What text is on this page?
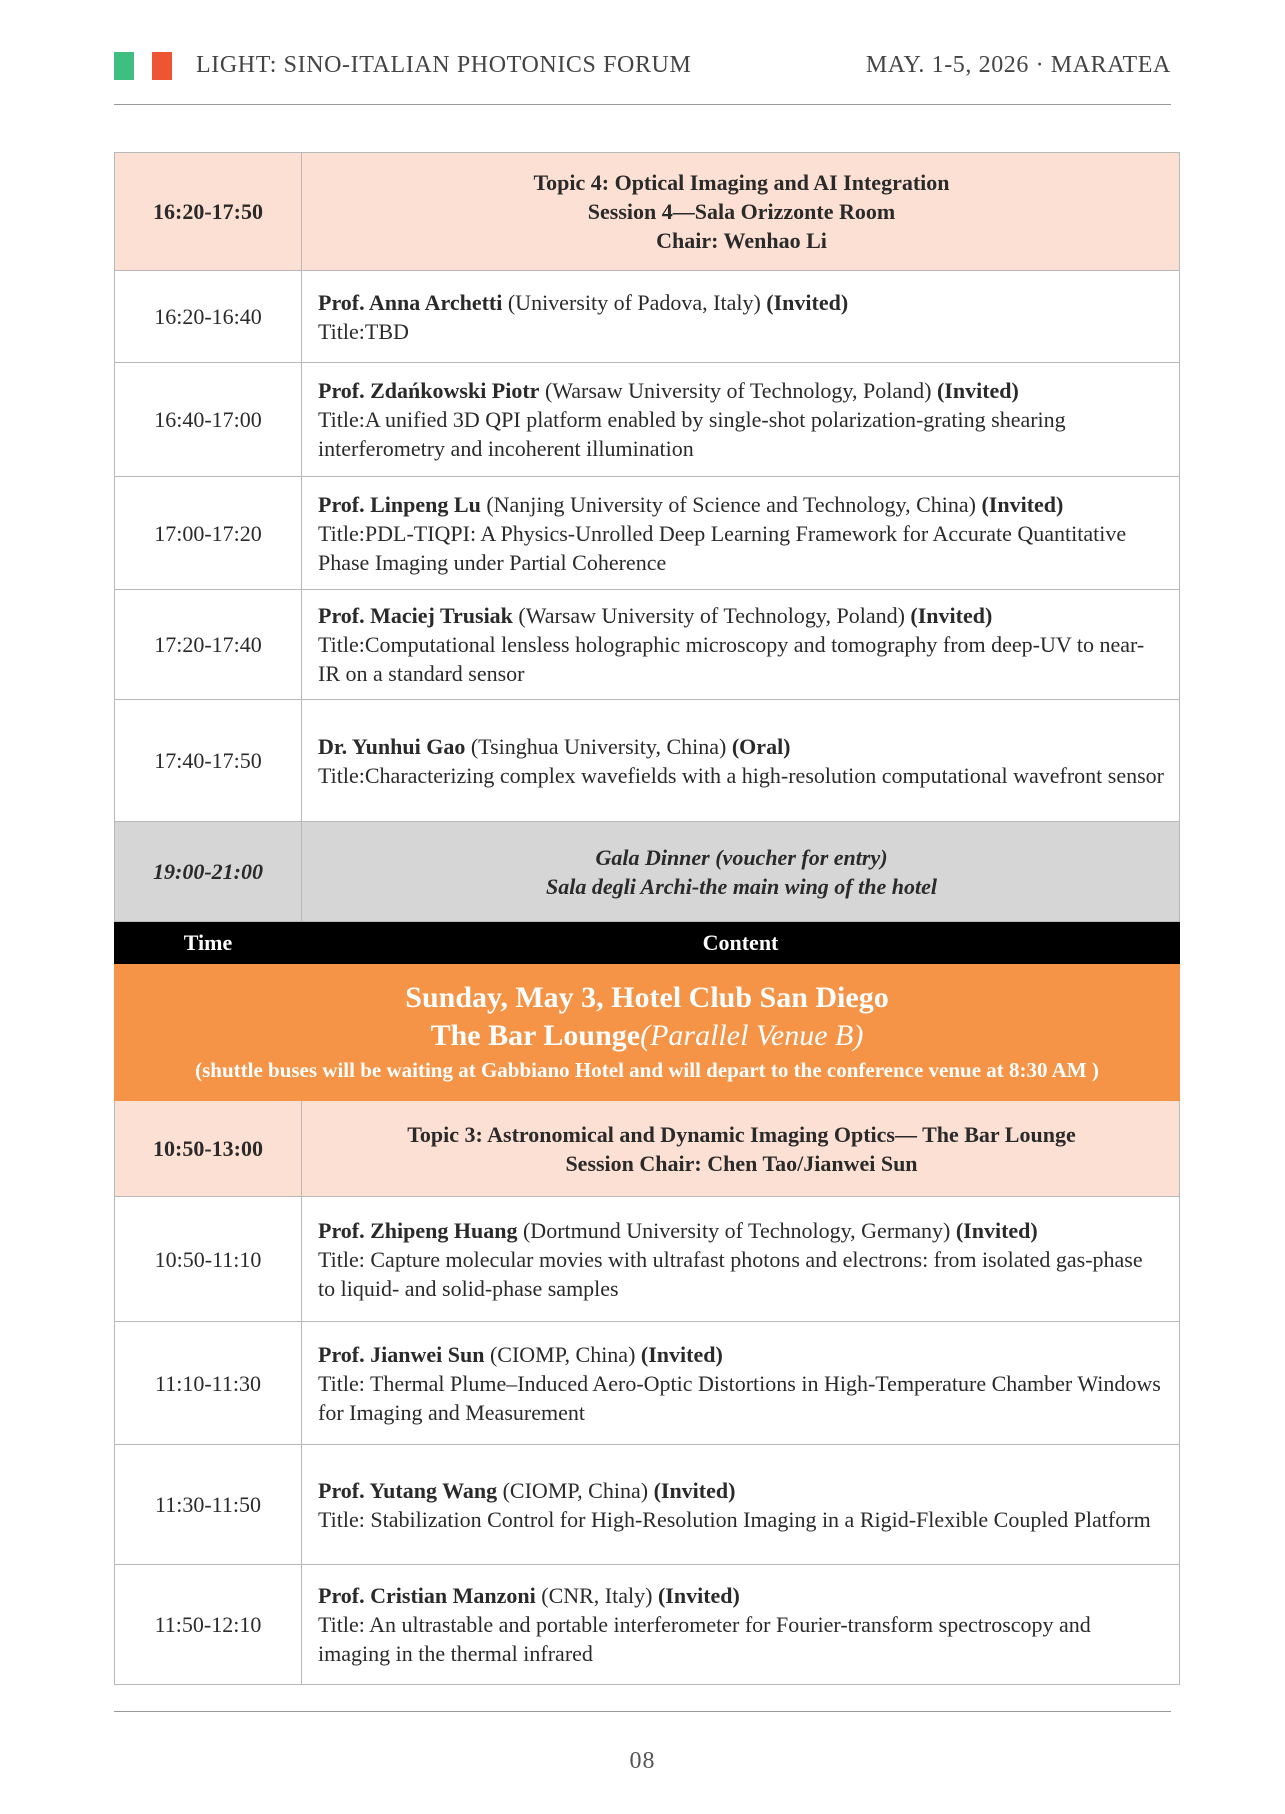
LIGHT: SINO-ITALIAN PHOTONICS FORUM	MAY. 1-5, 2026 · MARATEA
16:20-17:50	Topic 4: Optical Imaging and AI Integration
Session 4—Sala Orizzonte Room
Chair: Wenhao Li

16:20-16:40	Prof. Anna Archetti (University of Padova, Italy) (Invited)
Title:TBD

16:40-17:00	Prof. Zdańkowski Piotr (Warsaw University of Technology, Poland) (Invited)
Title:A unified 3D QPI platform enabled by single-shot polarization-grating shearing interferometry and incoherent illumination

17:00-17:20	Prof. Linpeng Lu (Nanjing University of Science and Technology, China) (Invited)
Title:PDL-TIQPI: A Physics-Unrolled Deep Learning Framework for Accurate Quantitative Phase Imaging under Partial Coherence

17:20-17:40	Prof. Maciej Trusiak (Warsaw University of Technology, Poland) (Invited)
Title:Computational lensless holographic microscopy and tomography from deep-UV to near-IR on a standard sensor

17:40-17:50	Dr. Yunhui Gao (Tsinghua University, China) (Oral)
Title:Characterizing complex wavefields with a high-resolution computational wavefront sensor

19:00-21:00	Gala Dinner (voucher for entry)
Sala degli Archi-the main wing of the hotel

Time	Content

Sunday, May 3, Hotel Club San Diego
The Bar Lounge(Parallel Venue B)
(shuttle buses will be waiting at Gabbiano Hotel and will depart to the conference venue at 8:30 AM )	

10:50-13:00	Topic 3: Astronomical and Dynamic Imaging Optics— The Bar Lounge
Session Chair: Chen Tao/Jianwei Sun

10:50-11:10	Prof. Zhipeng Huang (Dortmund University of Technology, Germany) (Invited)
Title: Capture molecular movies with ultrafast photons and electrons: from isolated gas-phase to liquid- and solid-phase samples

11:10-11:30	Prof. Jianwei Sun (CIOMP, China) (Invited)
Title: Thermal Plume–Induced Aero-Optic Distortions in High-Temperature Chamber Windows for Imaging and Measurement

11:30-11:50	Prof. Yutang Wang (CIOMP, China) (Invited)
Title: Stabilization Control for High-Resolution Imaging in a Rigid-Flexible Coupled Platform

11:50-12:10	Prof. Cristian Manzoni (CNR, Italy) (Invited)
Title: An ultrastable and portable interferometer for Fourier-transform spectroscopy and imaging in the thermal infrared
08
